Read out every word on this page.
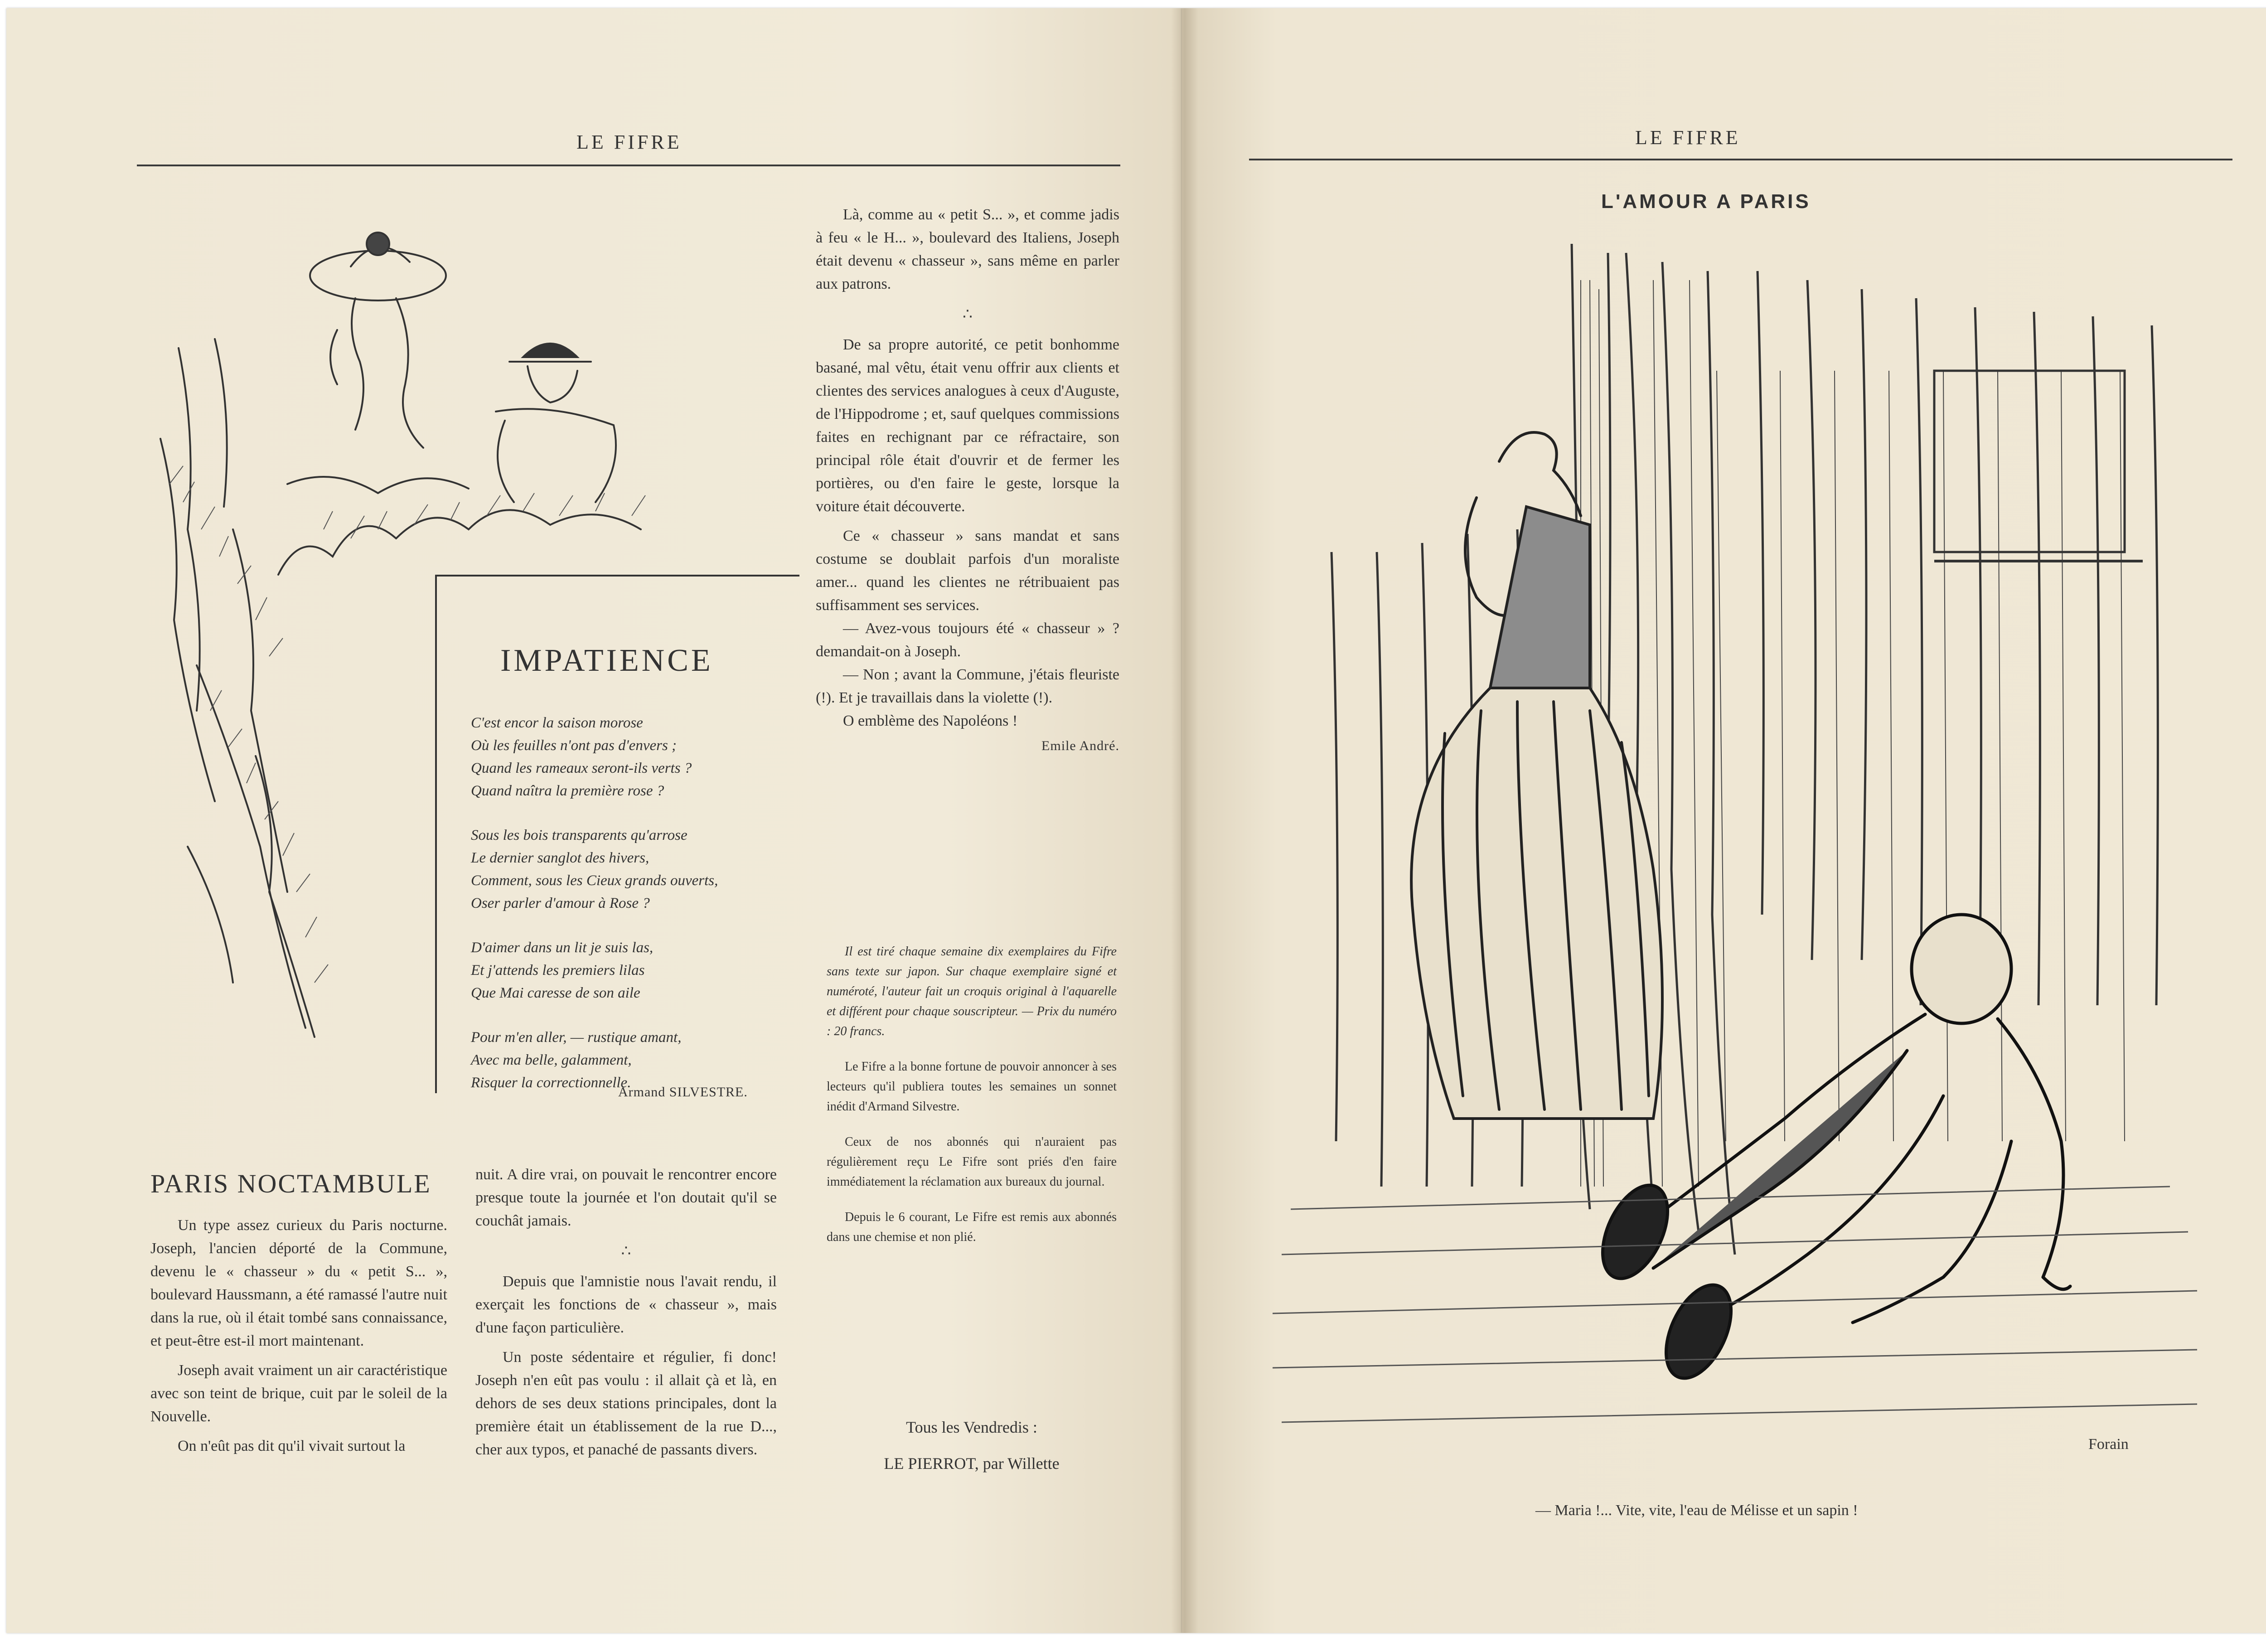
LE FIFRE
IMPATIENCE

C'est encor la saison morose
Où les feuilles n'ont pas d'envers ;
Quand les rameaux seront-ils verts ?
Quand naîtra la première rose ?

Sous les bois transparents qu'arrose
Le dernier sanglot des hivers,
Comment, sous les Cieux grands ouverts,
Oser parler d'amour à Rose ?

D'aimer dans un lit je suis las,
Et j'attends les premiers lilas
Que Mai caresse de son aile

Pour m'en aller, — rustique amant,
Avec ma belle, galamment,
Risquer la correctionnelle.

Armand SILVESTRE.
PARIS NOCTAMBULE

Un type assez curieux du Paris nocturne. Joseph, l'ancien déporté de la Commune, devenu le « chasseur » du « petit S... », boulevard Haussmann, a été ramassé l'autre nuit dans la rue, où il était tombé sans connaissance, et peut-être est-il mort maintenant.

Joseph avait vraiment un air caractéristique avec son teint de brique, cuit par le soleil de la Nouvelle.

On n'eût pas dit qu'il vivait surtout la

nuit. A dire vrai, on pouvait le rencontrer encore presque toute la journée et l'on doutait qu'il se couchât jamais.

∴

Depuis que l'amnistie nous l'avait rendu, il exerçait les fonctions de « chasseur », mais d'une façon particulière.

Un poste sédentaire et régulier, fi donc! Joseph n'en eût pas voulu : il allait çà et là, en dehors de ses deux stations principales, dont la première était un établissement de la rue D..., cher aux typos, et panaché de passants divers.

Là, comme au « petit S... », et comme jadis à feu « le H... », boulevard des Italiens, Joseph était devenu « chasseur », sans même en parler aux patrons.

∴

De sa propre autorité, ce petit bonhomme basané, mal vêtu, était venu offrir aux clients et clientes des services analogues à ceux d'Auguste, de l'Hippodrome ; et, sauf quelques commissions faites en rechignant par ce réfractaire, son principal rôle était d'ouvrir et de fermer les portières, ou d'en faire le geste, lorsque la voiture était découverte.

Ce « chasseur » sans mandat et sans costume se doublait parfois d'un moraliste amer... quand les clientes ne rétribuaient pas suffisamment ses services.

— Avez-vous toujours été « chasseur » ? demandait-on à Joseph.

— Non ; avant la Commune, j'étais fleuriste (!). Et je travaillais dans la violette (!).

O emblème des Napoléons !

Emile André.

Il est tiré chaque semaine dix exemplaires du Fifre sans texte sur japon. Sur chaque exemplaire signé et numéroté, l'auteur fait un croquis original à l'aquarelle et différent pour chaque souscripteur. — Prix du numéro : 20 francs.

Le Fifre a la bonne fortune de pouvoir annoncer à ses lecteurs qu'il publiera toutes les semaines un sonnet inédit d'Armand Silvestre.

Ceux de nos abonnés qui n'auraient pas régulièrement reçu Le Fifre sont priés d'en faire immédiatement la réclamation aux bureaux du journal.

Depuis le 6 courant, Le Fifre est remis aux abonnés dans une chemise et non plié.

Tous les Vendredis :
LE PIERROT, par Willette
LE FIFRE
L'AMOUR A PARIS
Forain
— Maria !... Vite, vite, l'eau de Mélisse et un sapin !
